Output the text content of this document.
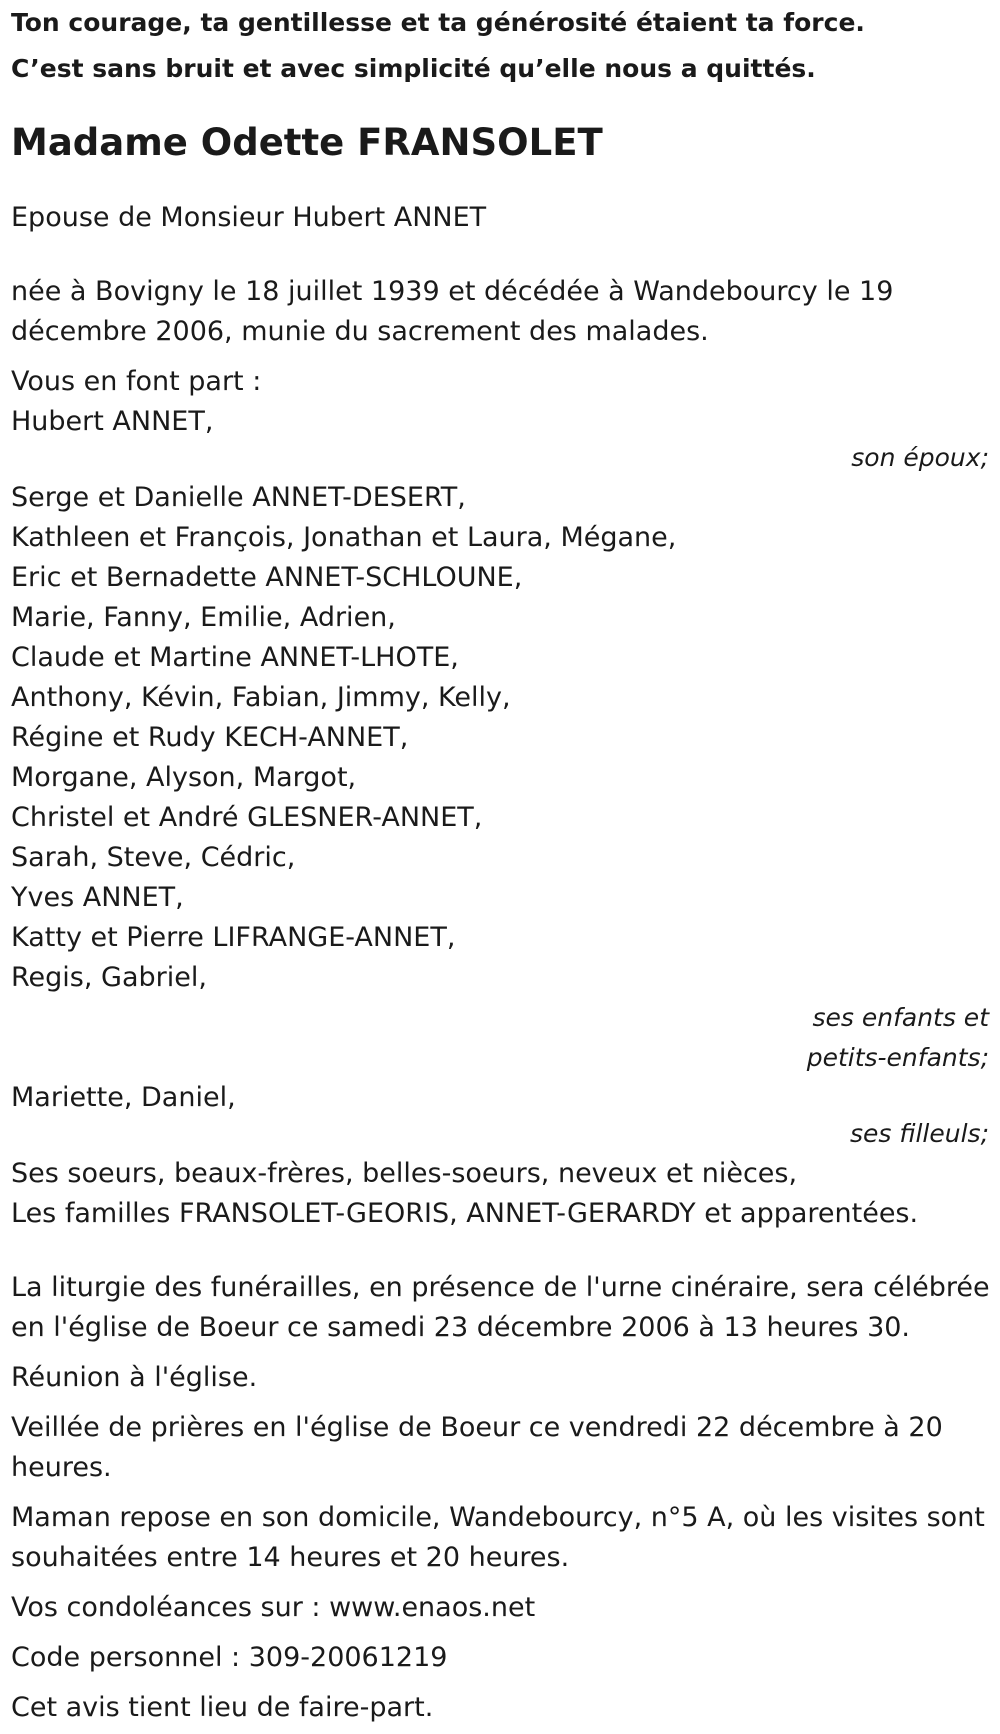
Ton courage, ta gentillesse et ta générosité étaient ta force.
C’est sans bruit et avec simplicité qu’elle nous a quittés.
Madame Odette FRANSOLET
Epouse de Monsieur Hubert ANNET
née à Bovigny le 18 juillet 1939 et décédée à Wandebourcy le 19
décembre 2006, munie du sacrement des malades.
Vous en font part :
Hubert ANNET,
son époux;
Serge et Danielle ANNET-DESERT,
Kathleen et François, Jonathan et Laura, Mégane,
Eric et Bernadette ANNET-SCHLOUNE,
Marie, Fanny, Emilie, Adrien,
Claude et Martine ANNET-LHOTE,
Anthony, Kévin, Fabian, Jimmy, Kelly,
Régine et Rudy KECH-ANNET,
Morgane, Alyson, Margot,
Christel et André GLESNER-ANNET,
Sarah, Steve, Cédric,
Yves ANNET,
Katty et Pierre LIFRANGE-ANNET,
Regis, Gabriel,
ses enfants et
petits-enfants;
Mariette, Daniel,
ses filleuls;
Ses soeurs, beaux-frères, belles-soeurs, neveux et nièces,
Les familles FRANSOLET-GEORIS, ANNET-GERARDY et apparentées.
La liturgie des funérailles, en présence de l'urne cinéraire, sera célébrée
en l'église de Boeur ce samedi 23 décembre 2006 à 13 heures 30.
Réunion à l'église.
Veillée de prières en l'église de Boeur ce vendredi 22 décembre à 20
heures.
Maman repose en son domicile, Wandebourcy, n°5 A, où les visites sont
souhaitées entre 14 heures et 20 heures.
Vos condoléances sur : www.enaos.net
Code personnel : 309-20061219
Cet avis tient lieu de faire-part.
